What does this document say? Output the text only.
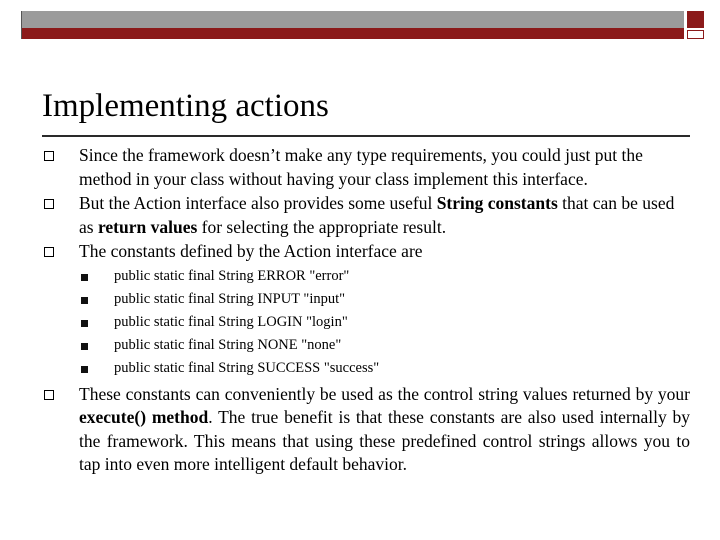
Implementing actions
Since the framework doesn’t make any type requirements, you could just put the method in your class without having your class implement this interface.
But the Action interface also provides some useful String constants that can be used as return values for selecting the appropriate result.
The constants defined by the Action interface are
public static final String ERROR "error"
public static final String INPUT "input"
public static final String LOGIN "login"
public static final String NONE "none"
public static final String SUCCESS "success"
These constants can conveniently be used as the control string values returned by your execute() method. The true benefit is that these constants are also used internally by the framework. This means that using these predefined control strings allows you to tap into even more intelligent default behavior.
